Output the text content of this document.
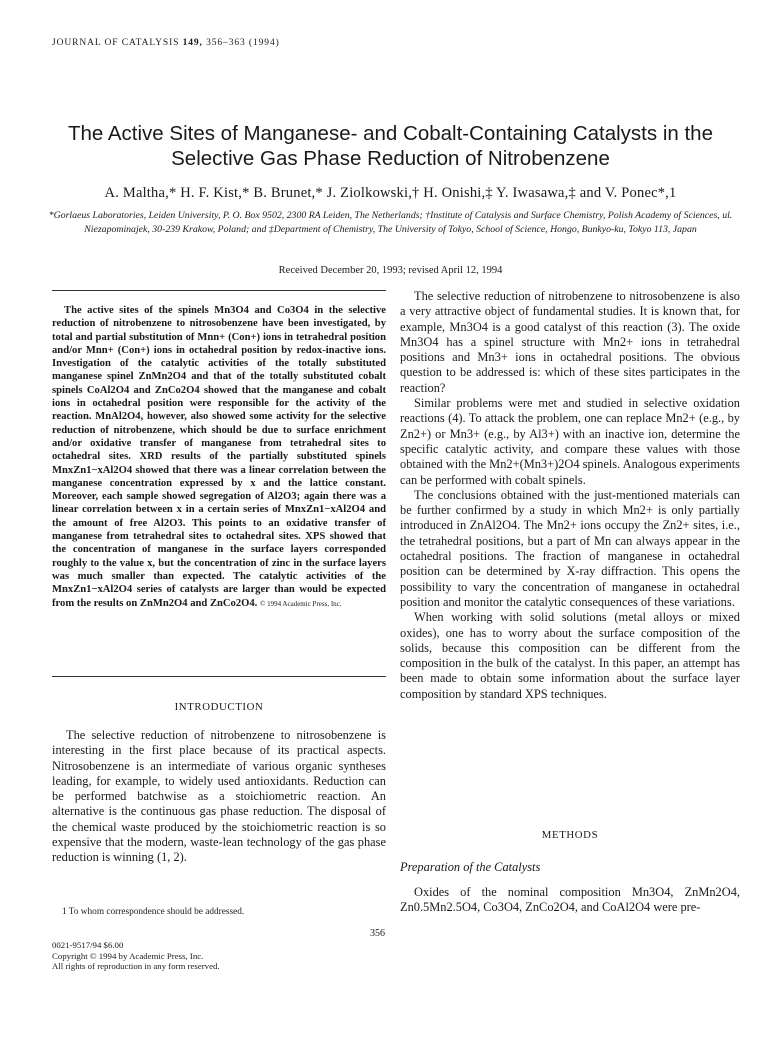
JOURNAL OF CATALYSIS 149, 356–363 (1994)
The Active Sites of Manganese- and Cobalt-Containing Catalysts in the Selective Gas Phase Reduction of Nitrobenzene
A. Maltha,* H. F. Kist,* B. Brunet,* J. Ziolkowski,† H. Onishi,‡ Y. Iwasawa,‡ and V. Ponec*,1
*Gorlaeus Laboratories, Leiden University, P. O. Box 9502, 2300 RA Leiden, The Netherlands; †Institute of Catalysis and Surface Chemistry, Polish Academy of Sciences, ul. Niezapominajek, 30-239 Krakow, Poland; and ‡Department of Chemistry, The University of Tokyo, School of Science, Hongo, Bunkyo-ku, Tokyo 113, Japan
Received December 20, 1993; revised April 12, 1994

The active sites of the spinels Mn3O4 and Co3O4 in the selective reduction of nitrobenzene to nitrosobenzene have been investigated, by total and partial substitution of Mnn+ (Con+) ions in tetrahedral position and/or Mnn+ (Con+) ions in octahedral position by redox-inactive ions. Investigation of the catalytic activities of the totally substituted manganese spinel ZnMn2O4 and that of the totally substituted cobalt spinels CoAl2O4 and ZnCo2O4 showed that the manganese and cobalt ions in octahedral position were responsible for the activity of the reaction. MnAl2O4, however, also showed some activity for the selective reduction of nitrobenzene, which should be due to surface enrichment and/or oxidative transfer of manganese from tetrahedral sites to octahedral sites. XRD results of the partially substituted spinels MnxZn1−xAl2O4 showed that there was a linear correlation between the manganese concentration expressed by x and the lattice constant. Moreover, each sample showed segregation of Al2O3; again there was a linear correlation between x in a certain series of MnxZn1−xAl2O4 and the amount of free Al2O3. This points to an oxidative transfer of manganese from tetrahedral sites to octahedral sites. XPS showed that the concentration of manganese in the surface layers corresponded roughly to the value x, but the concentration of zinc in the surface layers was much smaller than expected. The catalytic activities of the MnxZn1−xAl2O4 series of catalysts are larger than would be expected from the results on ZnMn2O4 and ZnCo2O4. © 1994 Academic Press, Inc.

INTRODUCTION

The selective reduction of nitrobenzene to nitrosobenzene is interesting in the first place because of its practical aspects. Nitrosobenzene is an intermediate of various organic syntheses leading, for example, to widely used antioxidants. Reduction can be performed batchwise as a stoichiometric reaction. An alternative is the continuous gas phase reduction. The disposal of the chemical waste produced by the stoichiometric reaction is so expensive that the modern, waste-lean technology of the gas phase reduction is winning (1, 2).

1 To whom correspondence should be addressed.

The selective reduction of nitrobenzene to nitrosobenzene is also a very attractive object of fundamental studies. It is known that, for example, Mn3O4 is a good catalyst of this reaction (3). The oxide Mn3O4 has a spinel structure with Mn2+ ions in tetrahedral positions and Mn3+ ions in octahedral positions. The obvious question to be addressed is: which of these sites participates in the reaction?

Similar problems were met and studied in selective oxidation reactions (4). To attack the problem, one can replace Mn2+ (e.g., by Zn2+) or Mn3+ (e.g., by Al3+) with an inactive ion, determine the specific catalytic activity, and compare these values with those obtained with the Mn2+(Mn3+)2O4 spinels. Analogous experiments can be performed with cobalt spinels.

The conclusions obtained with the just-mentioned materials can be further confirmed by a study in which Mn2+ is only partially introduced in ZnAl2O4. The Mn2+ ions occupy the Zn2+ sites, i.e., the tetrahedral positions, but a part of Mn can always appear in the octahedral positions. The fraction of manganese in octahedral position can be determined by X-ray diffraction. This opens the possibility to vary the concentration of manganese in octahedral position and monitor the catalytic consequences of these variations.

When working with solid solutions (metal alloys or mixed oxides), one has to worry about the surface composition of the solids, because this composition can be different from the composition in the bulk of the catalyst. In this paper, an attempt has been made to obtain some information about the surface layer composition by standard XPS techniques.

METHODS
Preparation of the Catalysts

Oxides of the nominal composition Mn3O4, ZnMn2O4, Zn0.5Mn2.5O4, Co3O4, ZnCo2O4, and CoAl2O4 were pre-

356
0021-9517/94 $6.00
Copyright © 1994 by Academic Press, Inc.
All rights of reproduction in any form reserved.
